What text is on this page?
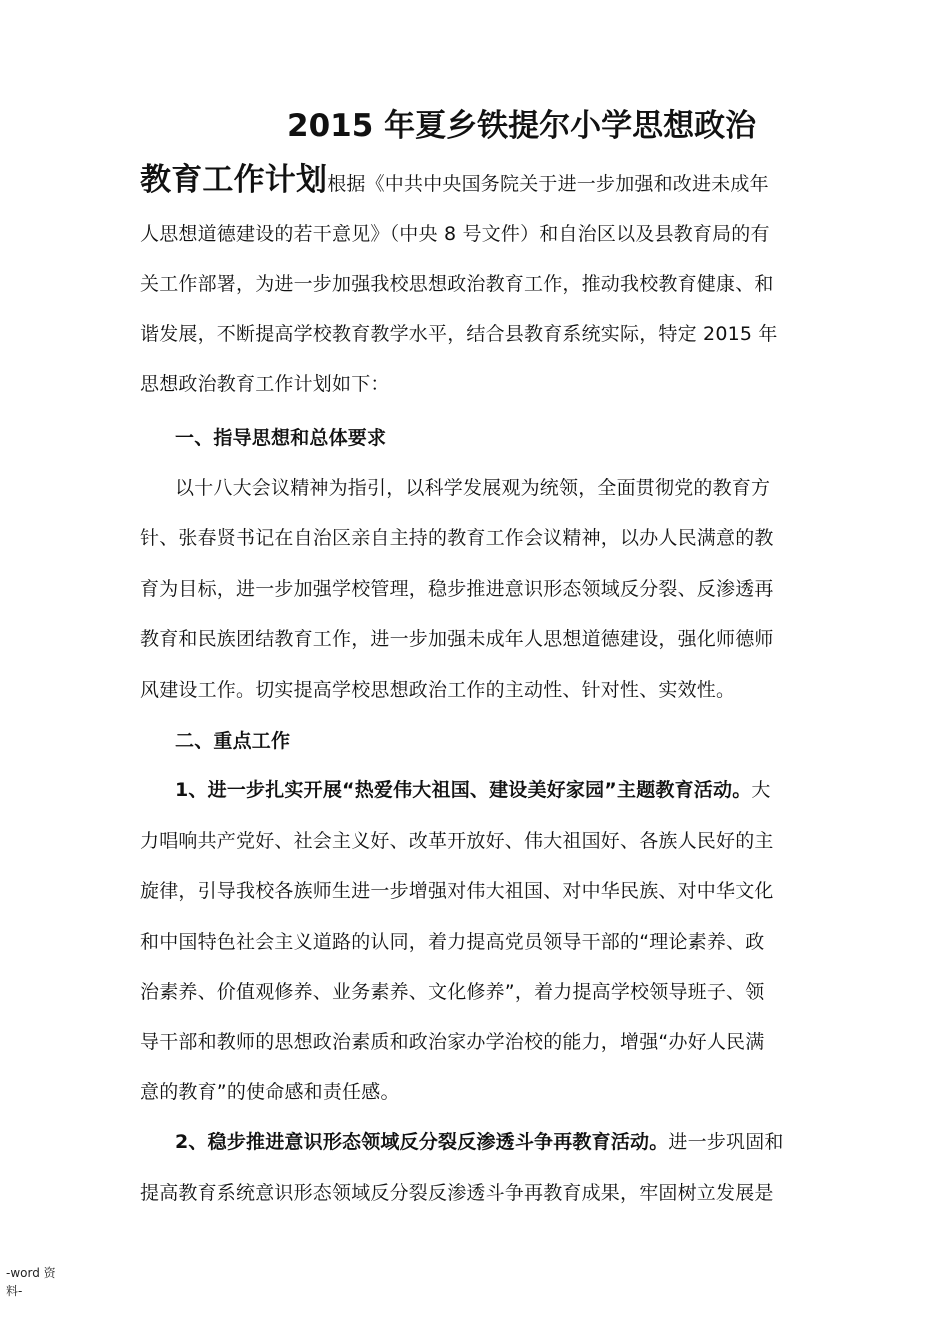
2015 年夏乡铁提尔小学思想政治
教育工作计划根据《中共中央国务院关于进一步加强和改进未成年
人思想道德建设的若干意见》（中央 8 号文件）和自治区以及县教育局的有
关工作部署，为进一步加强我校思想政治教育工作，推动我校教育健康、和
谐发展，不断提高学校教育教学水平，结合县教育系统实际，特定 2015 年
思想政治教育工作计划如下：
一、指导思想和总体要求
以十八大会议精神为指引，以科学发展观为统领，全面贯彻党的教育方
针、张春贤书记在自治区亲自主持的教育工作会议精神，以办人民满意的教
育为目标，进一步加强学校管理，稳步推进意识形态领域反分裂、反渗透再
教育和民族团结教育工作，进一步加强未成年人思想道德建设，强化师德师
风建设工作。切实提高学校思想政治工作的主动性、针对性、实效性。
二、重点工作
1、进一步扎实开展“热爱伟大祖国、建设美好家园”主题教育活动。大
力唱响共产党好、社会主义好、改革开放好、伟大祖国好、各族人民好的主
旋律，引导我校各族师生进一步增强对伟大祖国、对中华民族、对中华文化
和中国特色社会主义道路的认同，着力提高党员领导干部的“理论素养、政
治素养、价值观修养、业务素养、文化修养”，着力提高学校领导班子、领
导干部和教师的思想政治素质和政治家办学治校的能力，增强“办好人民满
意的教育”的使命感和责任感。
2、稳步推进意识形态领域反分裂反渗透斗争再教育活动。进一步巩固和
提高教育系统意识形态领域反分裂反渗透斗争再教育成果，牢固树立发展是
-word 资
料-
